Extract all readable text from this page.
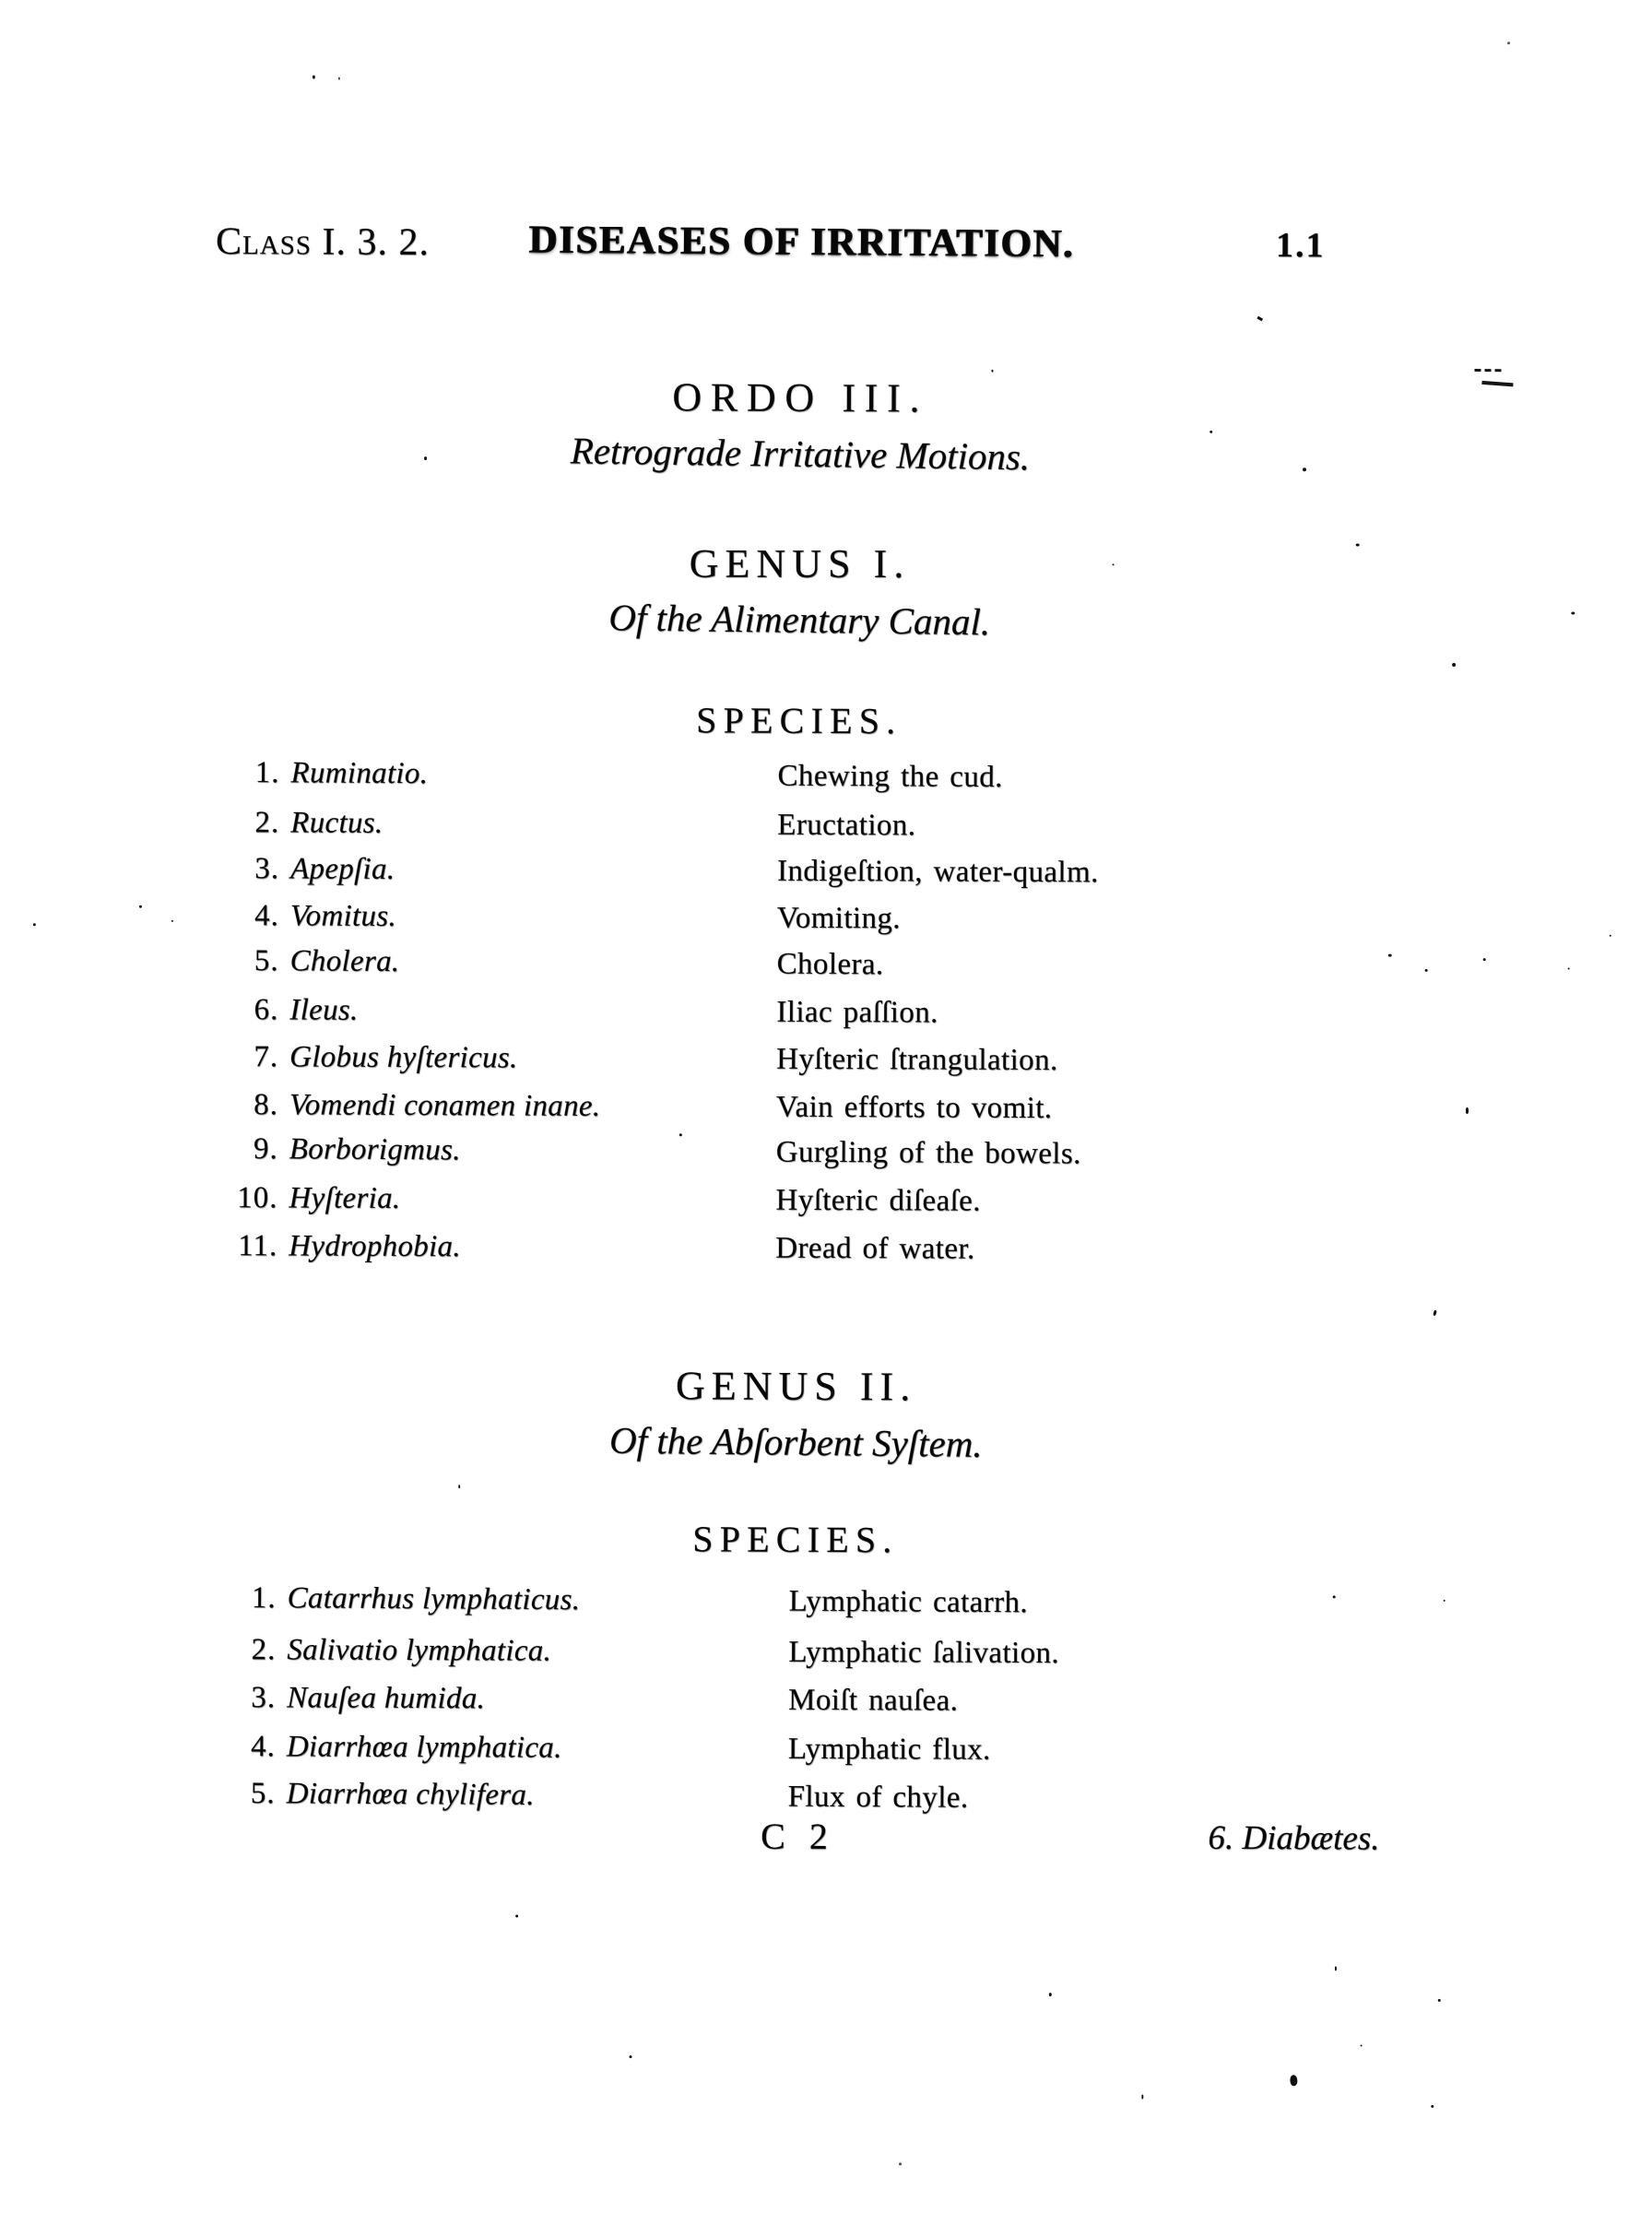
Class I. 3. 2.	DISEASES OF IRRITATION.	1.1
ORDO III.
Retrograde Irritative Motions.
GENUS I.
Of the Alimentary Canal.
SPECIES.
1. Ruminatio.	Chewing the cud.
2. Ructus.	Eructation.
3. Apepſia.	Indigeſtion, water-qualm.
4. Vomitus.	Vomiting.
5. Cholera.	Cholera.
6. Ileus.	Iliac paſſion.
7. Globus hyſtericus.	Hyſteric ſtrangulation.
8. Vomendi conamen inane.	Vain efforts to vomit.
9. Borborigmus.	Gurgling of the bowels.
10. Hyſteria.	Hyſteric diſeaſe.
11. Hydrophobia.	Dread of water.
GENUS II.
Of the Abſorbent Syſtem.
SPECIES.
1. Catarrhus lymphaticus.	Lymphatic catarrh.
2. Salivatio lymphatica.	Lymphatic ſalivation.
3. Nauſea humida.	Moiſt nauſea.
4. Diarrhœa lymphatica.	Lymphatic flux.
5. Diarrhœa chylifera.	Flux of chyle.
C 2	6. Diabætes.
